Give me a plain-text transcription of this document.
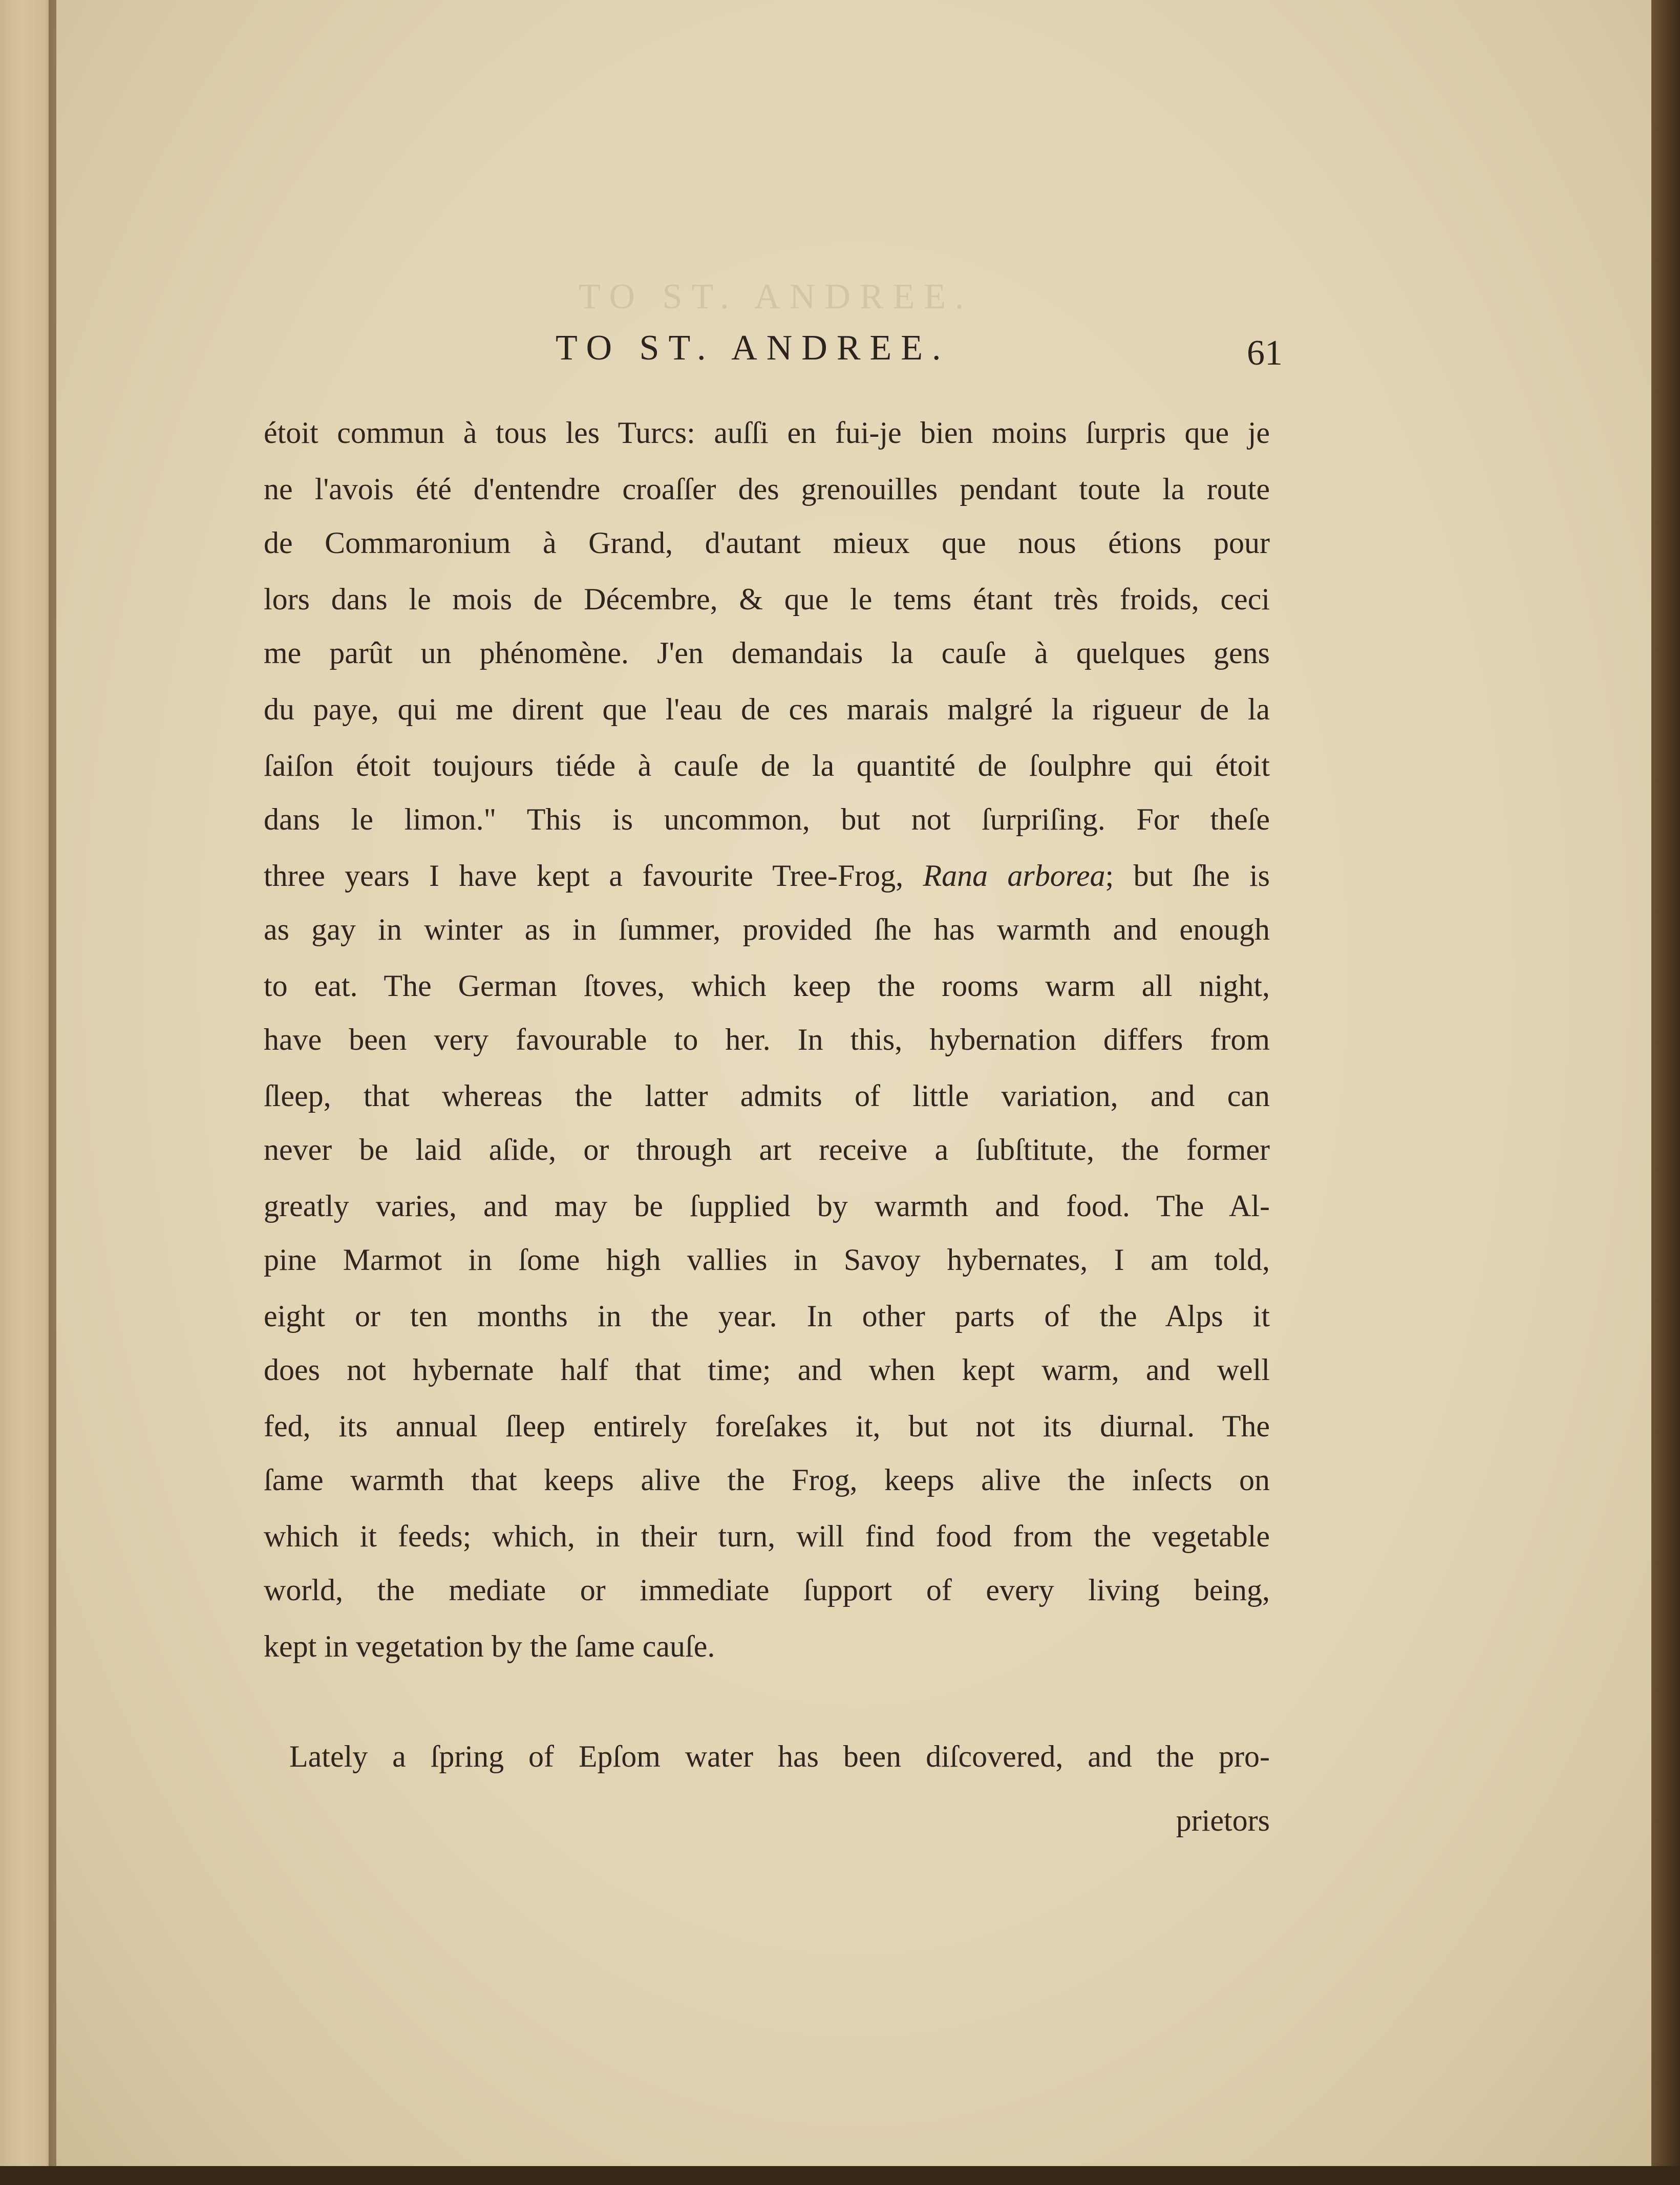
TO ST. ANDREE.
TO ST. ANDREE.	61
étoit commun à tous les Turcs: auſſi en fui-je bien moins ſurpris que je
ne l'avois été d'entendre croaſſer des grenouilles pendant toute la route
de Commaronium à Grand, d'autant mieux que nous étions pour
lors dans le mois de Décembre, & que le tems étant très froids, ceci
me parût un phénomène. J'en demandais la cauſe à quelques gens
du paye, qui me dirent que l'eau de ces marais malgré la rigueur de la
ſaiſon étoit toujours tiéde à cauſe de la quantité de ſoulphre qui étoit
dans le limon." This is uncommon, but not ſurpriſing. For theſe
three years I have kept a favourite Tree-Frog, Rana arborea; but ſhe is
as gay in winter as in ſummer, provided ſhe has warmth and enough
to eat. The German ſtoves, which keep the rooms warm all night,
have been very favourable to her. In this, hybernation differs from
ſleep, that whereas the latter admits of little variation, and can
never be laid aſide, or through art receive a ſubſtitute, the former
greatly varies, and may be ſupplied by warmth and food. The Al-
pine Marmot in ſome high vallies in Savoy hybernates, I am told,
eight or ten months in the year. In other parts of the Alps it
does not hybernate half that time; and when kept warm, and well
fed, its annual ſleep entirely foreſakes it, but not its diurnal. The
ſame warmth that keeps alive the Frog, keeps alive the inſects on
which it feeds; which, in their turn, will find food from the vegetable
world, the mediate or immediate ſupport of every living being,
kept in vegetation by the ſame cauſe.
Lately a ſpring of Epſom water has been diſcovered, and the pro-
prietors
